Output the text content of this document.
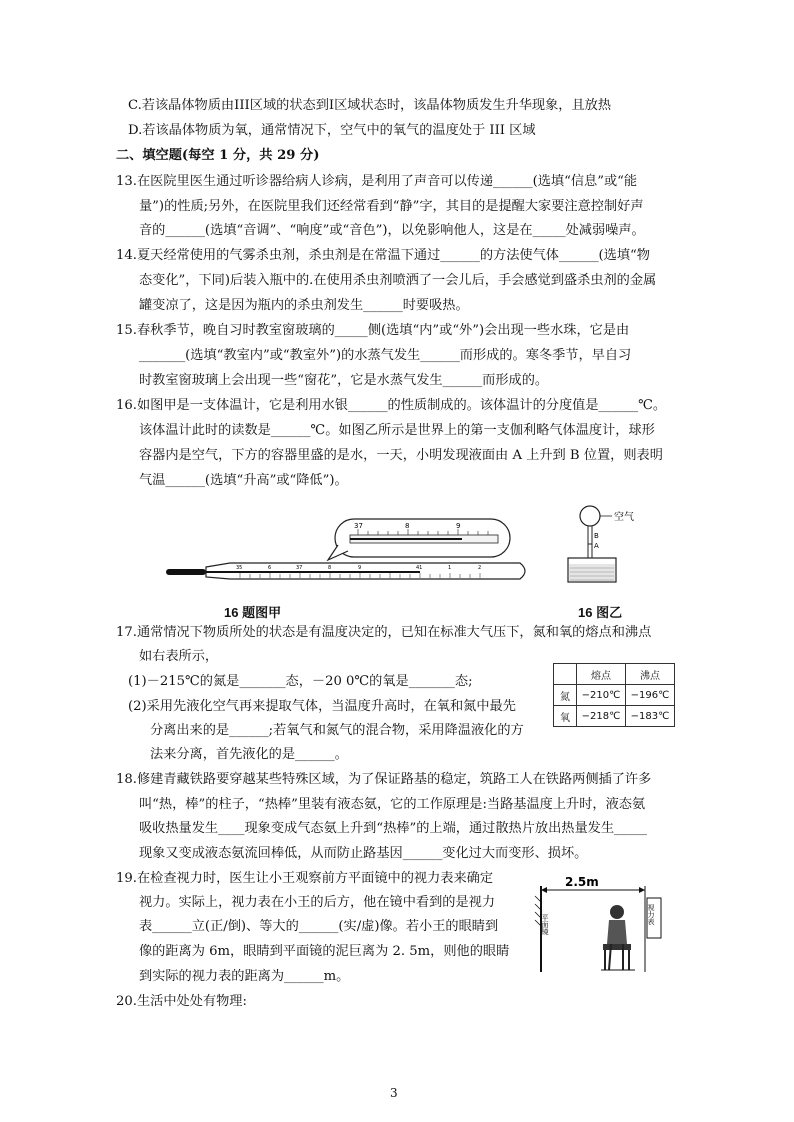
C.若该晶体物质由III区域的状态到Ⅰ区域状态时，该晶体物质发生升华现象，且放热
D.若该晶体物质为氧，通常情况下，空气中的氧气的温度处于 III 区域
二、填空题(每空 1 分，共 29 分)
13.在医院里医生通过听诊器给病人诊病，是利用了声音可以传递______(选填“信息”或“能
量”)的性质;另外，在医院里我们还经常看到“静”字，其目的是提醒大家要注意控制好声
音的______(选填“音调”、“响度”或“音色”)，以免影响他人，这是在_____处减弱噪声。
14.夏天经常使用的气雾杀虫剂，杀虫剂是在常温下通过______的方法使气体______(选填“物
态变化”，下同)后装入瓶中的.在使用杀虫剂喷洒了一会儿后，手会感觉到盛杀虫剂的金属
罐变凉了，这是因为瓶内的杀虫剂发生______时要吸热。
15.春秋季节，晚自习时教室窗玻璃的_____侧(选填“内”或“外”)会出现一些水珠，它是由
_______(选填“教室内”或“教室外”)的水蒸气发生______而形成的。寒冬季节，早自习
时教室窗玻璃上会出现一些“窗花”，它是水蒸气发生______而形成的。
16.如图甲是一支体温计，它是利用水银______的性质制成的。该体温计的分度值是______℃。
该体温计此时的读数是______℃。如图乙所示是世界上的第一支伽利略气体温度计，球形
容器内是空气，下方的容器里盛的是水，一天，小明发现液面由 A 上升到 B 位置，则表明
气温______(选填“升高”或“降低”)。
37	8	9
35	6	37	8	9	41	1	2
16 题图甲
空气
B
A
16 图乙
17.通常情况下物质所处的状态是有温度决定的，已知在标准大气压下，氮和氧的熔点和沸点
如右表所示，
(1)－215℃的氮是_______态，－20 0℃的氧是_______态;
(2)采用先液化空气再来提取气体，当温度升高时，在氧和氮中最先
分离出来的是______;若氧气和氮气的混合物，采用降温液化的方
法来分离，首先液化的是______。
	熔点	沸点
氮	−210℃	−196℃
氧	−218℃	−183℃
18.修建青藏铁路要穿越某些特殊区域，为了保证路基的稳定，筑路工人在铁路两侧插了许多
叫“热，棒”的柱子，“热棒”里装有液态氨，它的工作原理是:当路基温度上升时，液态氨
吸收热量发生____现象变成气态氨上升到“热棒”的上端，通过散热片放出热量发生_____
现象又变成液态氨流回棒低，从而防止路基因______变化过大而变形、损坏。
19.在检查视力时，医生让小王观察前方平面镜中的视力表来确定
视力。实际上，视力表在小王的后方，他在镜中看到的是视力
表______立(正/倒)、等大的______(实/虚)像。若小王的眼睛到
像的距离为 6m，眼睛到平面镜的泥巨离为 2. 5m，则他的眼睛
到实际的视力表的距离为______m。
2.5m
平面镜	视力表
20.生活中处处有物理:
3
